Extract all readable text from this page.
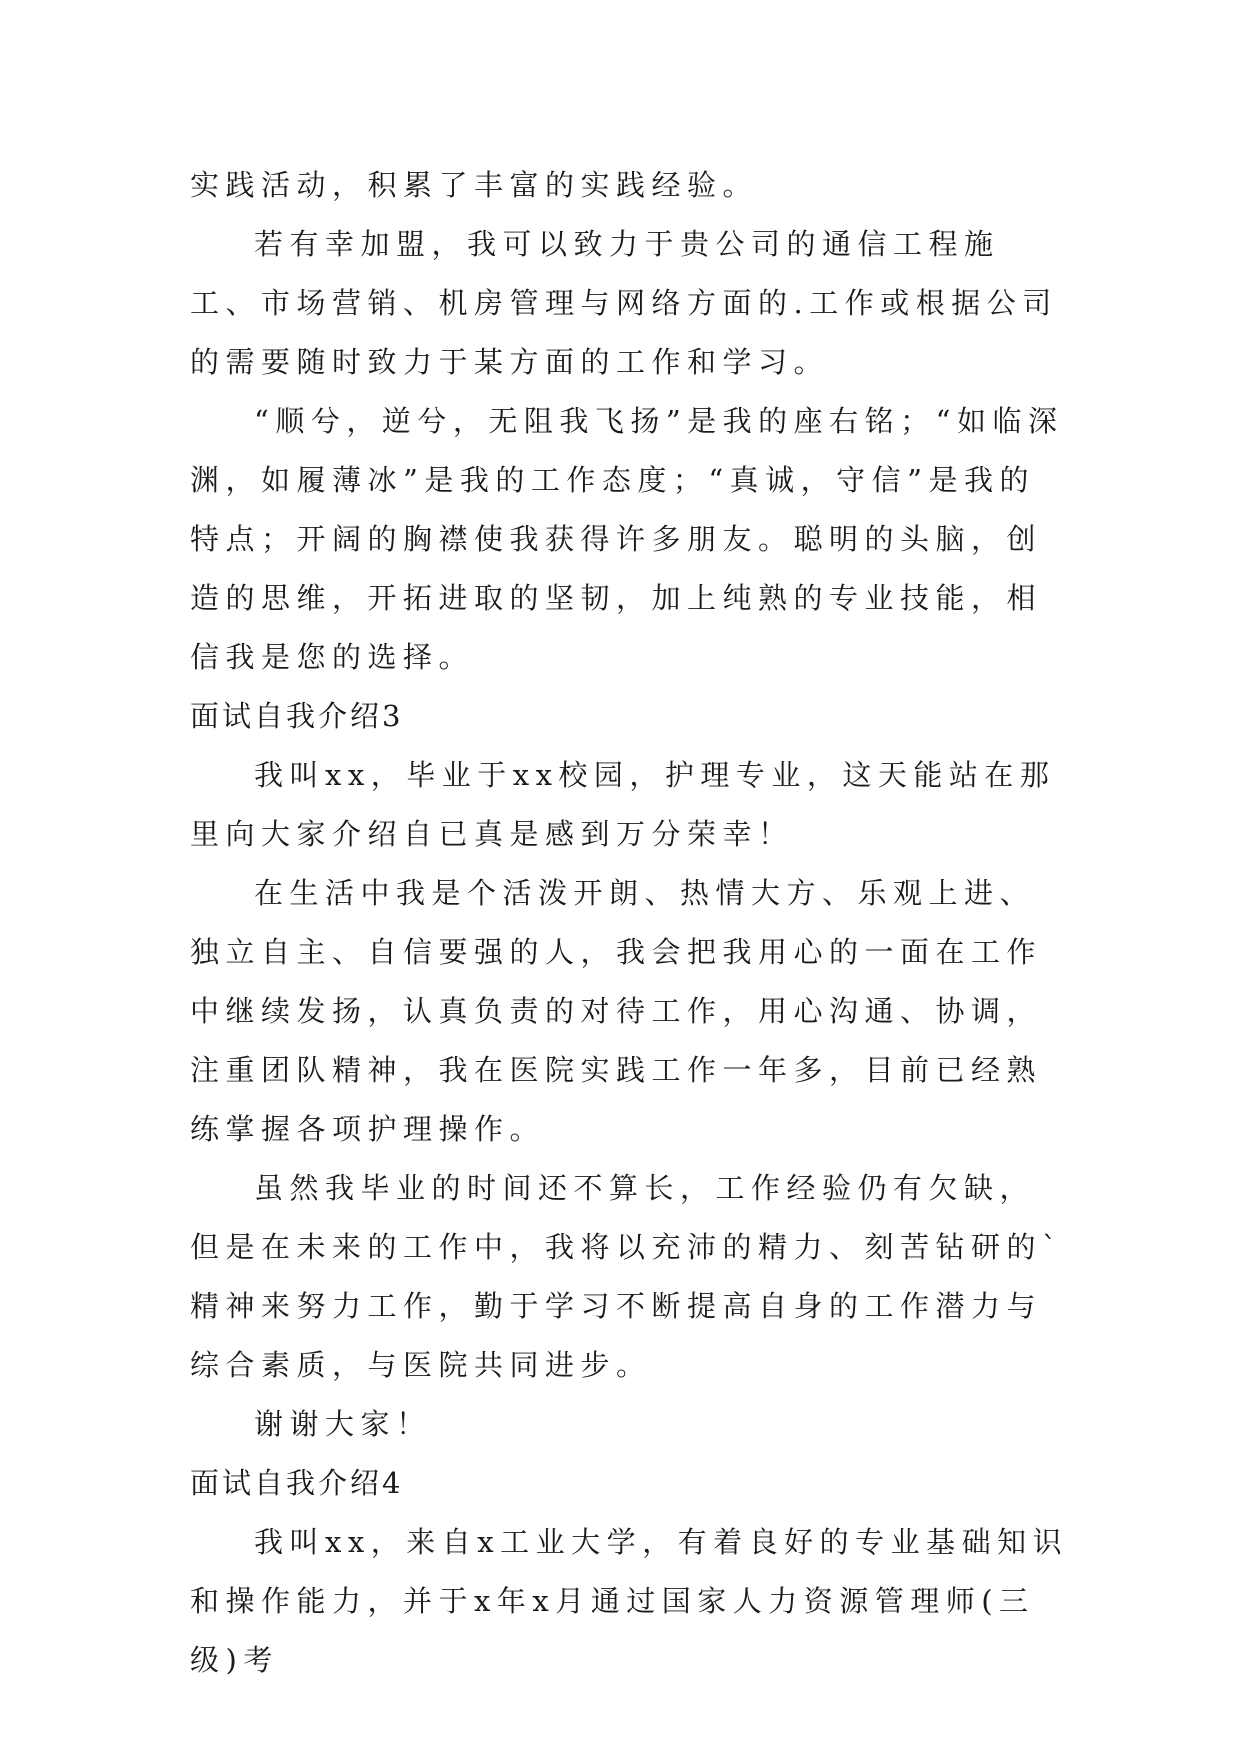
实践活动，积累了丰富的实践经验。

若有幸加盟，我可以致力于贵公司的通信工程施工、市场营销、机房管理与网络方面的.工作或根据公司的需要随时致力于某方面的工作和学习。

“顺兮，逆兮，无阻我飞扬”是我的座右铭；“如临深渊，如履薄冰”是我的工作态度；“真诚，守信”是我的特点；开阔的胸襟使我获得许多朋友。聪明的头脑，创造的思维，开拓进取的坚韧，加上纯熟的专业技能，相信我是您的选择。

面试自我介绍3

我叫xx，毕业于xx校园，护理专业，这天能站在那里向大家介绍自已真是感到万分荣幸！

在生活中我是个活泼开朗、热情大方、乐观上进、独立自主、自信要强的人，我会把我用心的一面在工作中继续发扬，认真负责的对待工作，用心沟通、协调，注重团队精神，我在医院实践工作一年多，目前已经熟练掌握各项护理操作。

虽然我毕业的时间还不算长，工作经验仍有欠缺，但是在未来的工作中，我将以充沛的精力、刻苦钻研的`精神来努力工作，勤于学习不断提高自身的工作潜力与综合素质，与医院共同进步。

谢谢大家！

面试自我介绍4

我叫xx，来自x工业大学，有着良好的专业基础知识和操作能力，并于x年x月通过国家人力资源管理师(三级)考
